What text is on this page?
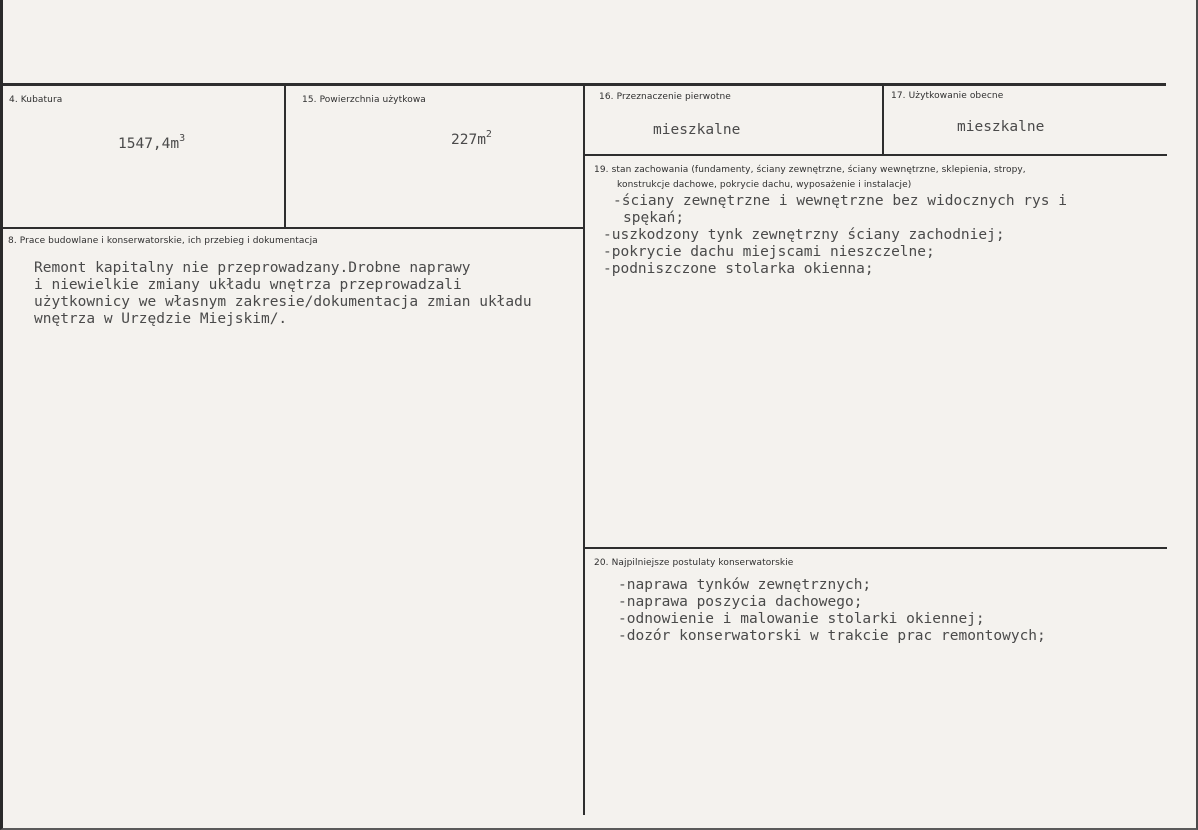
4. Kubatura
$1547,4m^3$
15. Powierzchnia użytkowa
$227m^2$
16. Przeznaczenie pierwotne
mieszkalne
17. Użytkowanie obecne
mieszkalne
8. Prace budowlane i konserwatorskie, ich przebieg i dokumentacja
Remont kapitalny nie przeprowadzany.Drobne naprawy
i niewielkie zmiany układu wnętrza przeprowadzali
użytkownicy we własnym zakresie/dokumentacja zmian układu
wnętrza w Urzędzie Miejskim/.
19. stan zachowania (fundamenty, ściany zewnętrzne, ściany wewnętrzne, sklepienia, stropy,
konstrukcje dachowe, pokrycie dachu, wyposażenie i instalacje)
-ściany zewnętrzne i wewnętrzne bez widocznych rys i
spękań;
-uszkodzony tynk zewnętrzny ściany zachodniej;
-pokrycie dachu miejscami nieszczelne;
-podniszczone stolarka okienna;
20. Najpilniejsze postulaty konserwatorskie
-naprawa tynków zewnętrznych;
-naprawa poszycia dachowego;
-odnowienie i malowanie stolarki okiennej;
-dozór konserwatorski w trakcie prac remontowych;
